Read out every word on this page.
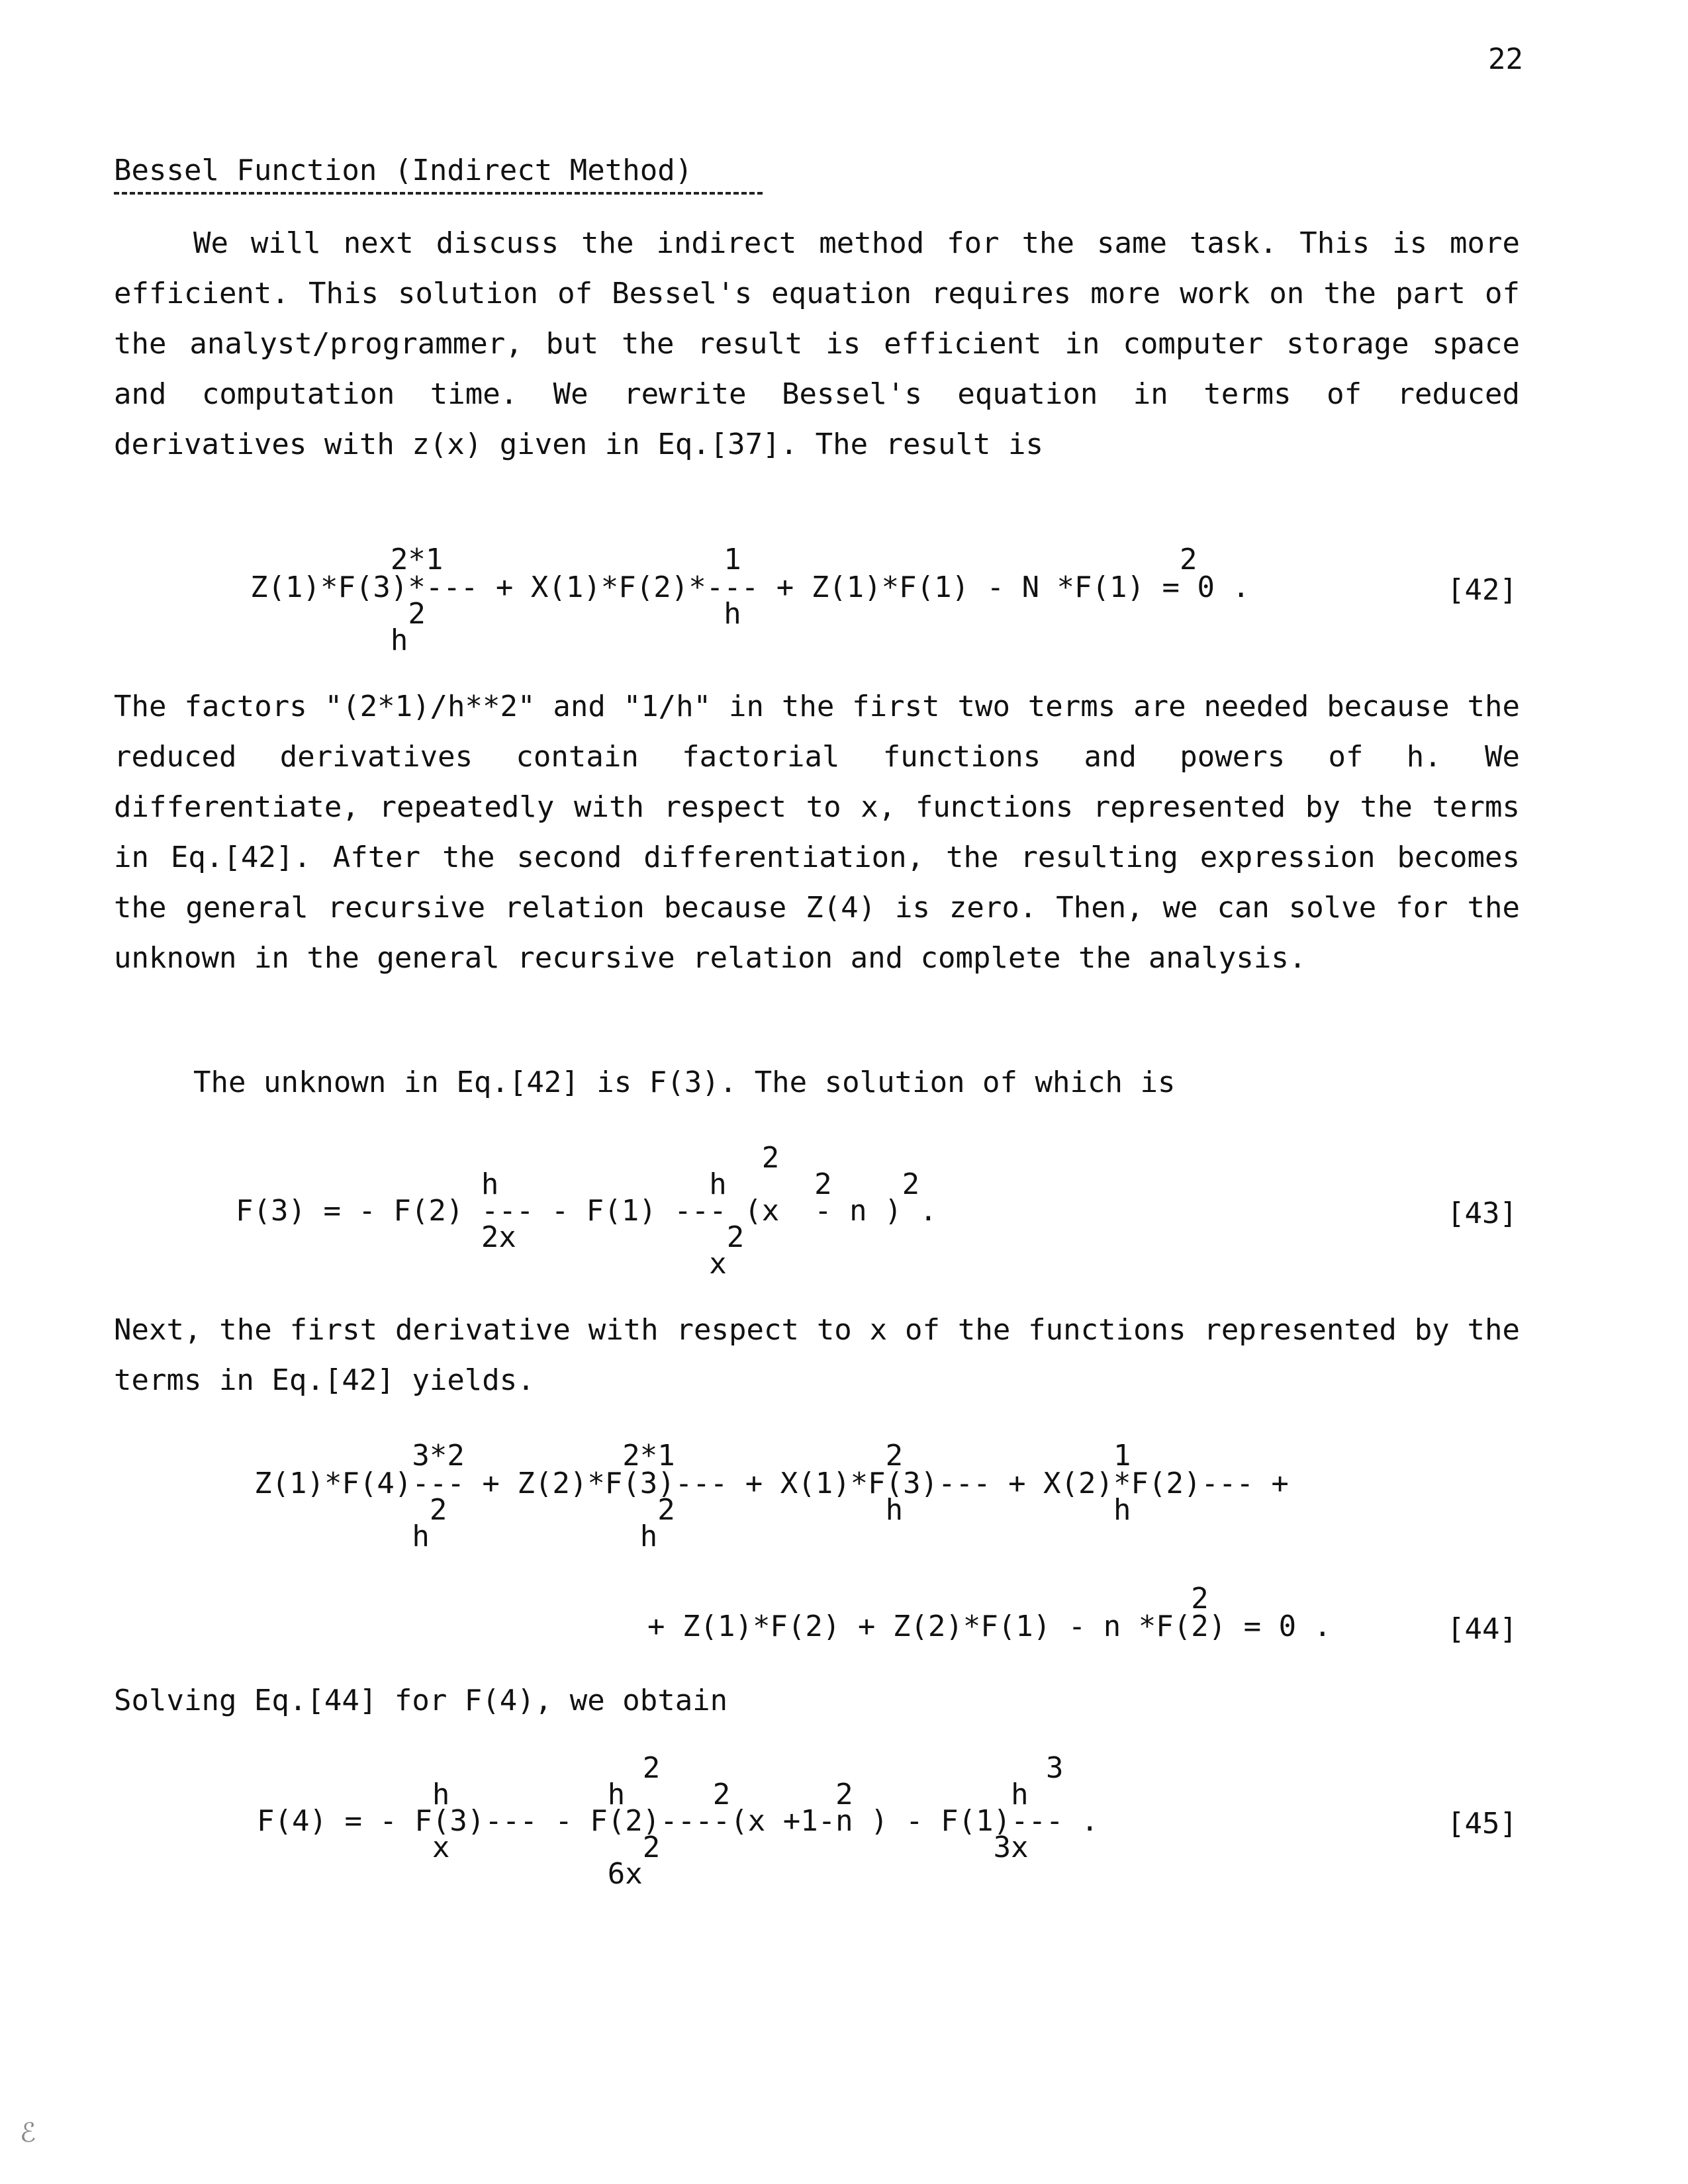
22
Bessel Function (Indirect Method)
We will next discuss the indirect method for the same task. This is more efficient. This solution of Bessel's equation requires more work on the part of the analyst/programmer, but the result is efficient in computer storage space and computation time. We rewrite Bessel's equation in terms of reduced derivatives with z(x) given in Eq.[37]. The result is
2*1                1                         2
Z(1)*F(3)*--- + X(1)*F(2)*--- + Z(1)*F(1) - N *F(1) = 0 .
2                 h
h
[42]
The factors "(2*1)/h**2" and "1/h" in the first two terms are needed because the reduced derivatives contain factorial functions and powers of h. We differentiate, repeatedly with respect to x, functions represented by the terms in Eq.[42]. After the second differentiation, the resulting expression becomes the general recursive relation because Z(4) is zero. Then, we can solve for the unknown in the general recursive relation and complete the analysis.
The unknown in Eq.[42] is F(3). The solution of which is
2
h            h     2    2
F(3) = - F(2) --- - F(1) --- (x  - n ) .
2x            2
x
[43]
Next, the first derivative with respect to x of the functions represented by the terms in Eq.[42] yields.
3*2         2*1            2            1
Z(1)*F(4)--- + Z(2)*F(3)--- + X(1)*F(3)--- + X(2)*F(2)--- +
2            2            h            h
h            h
2
+ Z(1)*F(2) + Z(2)*F(1) - n *F(2) = 0 .	[44]
Solving Eq.[44] for F(4), we obtain
2                      3
h         h     2      2         h
F(4) = - F(3)--- - F(2)----(x +1-n ) - F(1)--- .
x           2                   3x
6x
[45]
ℰ
